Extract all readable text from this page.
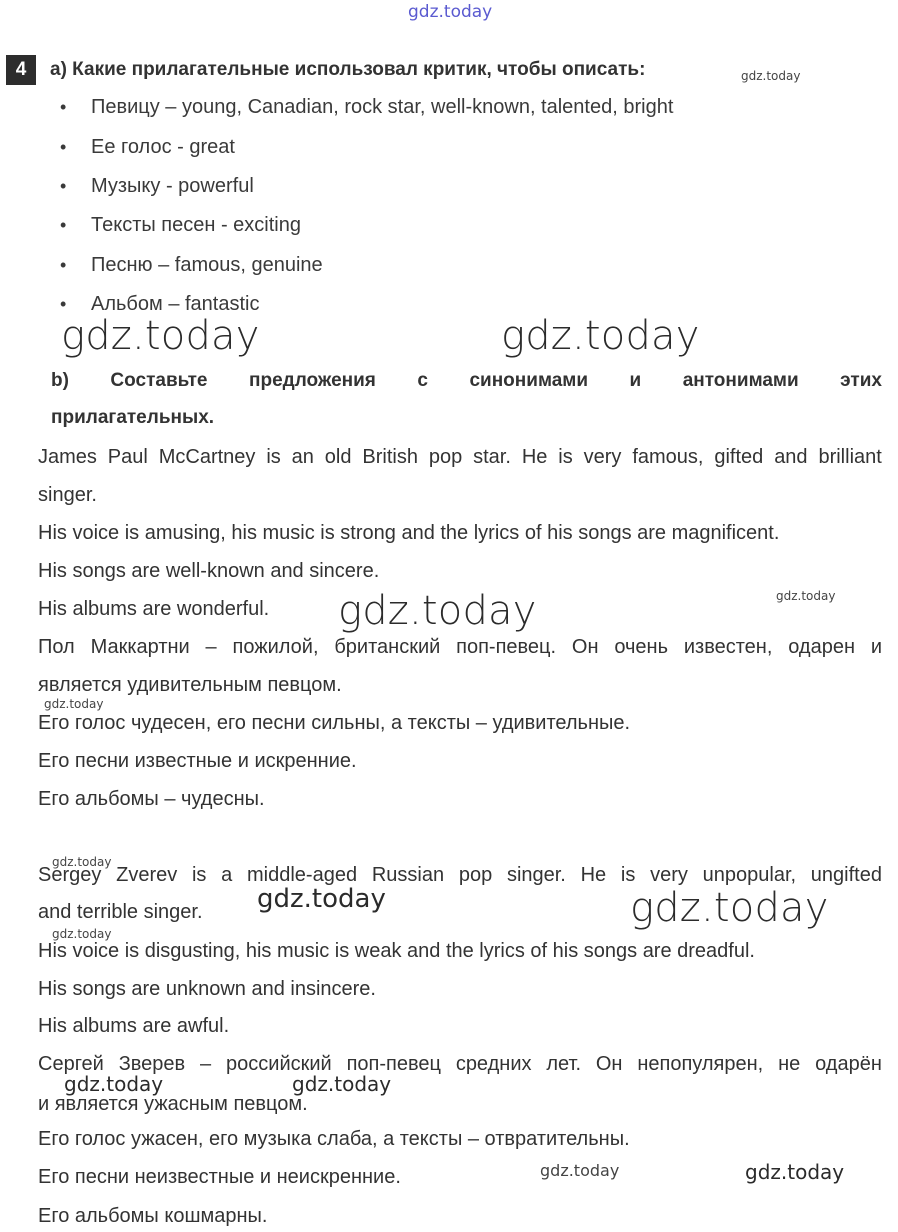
gdz.today
4	а) Какие прилагательные использовал критик, чтобы описать:	gdz.today
• Певицу – young, Canadian, rock star, well-known, talented, bright
• Ее голос - great
• Музыку - powerful
• Тексты песен - exciting
• Песню – famous, genuine
• Альбом – fantastic
gdz.today	gdz.today
b) Составьте предложения с синонимами и антонимами этих
прилагательных.
James Paul McCartney is an old British pop star. He is very famous, gifted and brilliant
singer.
His voice is amusing, his music is strong and the lyrics of his songs are magnificent.
His songs are well-known and sincere.
His albums are wonderful. gdz.today	gdz.today
Пол Маккартни – пожилой, британский поп-певец. Он очень известен, одарен и
является удивительным певцом.
gdz.today
Его голос чудесен, его песни сильны, а тексты – удивительные.
Его песни известные и искренние.
Его альбомы – чудесны.
gdz.today
Sergey Zverev is a middle-aged Russian pop singer. He is very unpopular, ungifted
and terrible singer. gdz.today	gdz.today
gdz.today
His voice is disgusting, his music is weak and the lyrics of his songs are dreadful.
His songs are unknown and insincere.
His albums are awful.
Сергей Зверев – российский поп-певец средних лет. Он непопулярен, не одарён
gdz.today	gdz.today
и является ужасным певцом.
Его голос ужасен, его музыка слаба, а тексты – отвратительны.
Его песни неизвестные и неискренние.	gdz.today	gdz.today
Его альбомы кошмарны.
